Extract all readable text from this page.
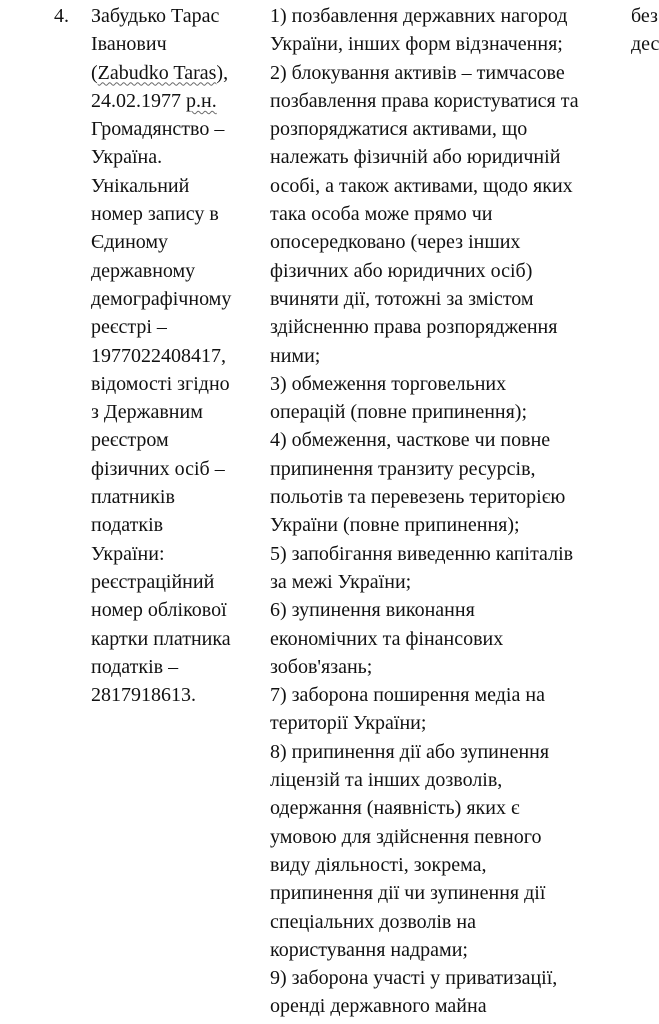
4.	Забудько Тарас
Іванович
(Zabudko Taras),
24.02.1977 р.н.
Громадянство –
Україна.
Унікальний
номер запису в
Єдиному
державному
демографічному
реєстрі –
1977022408417,
відомості згідно
з Державним
реєстром
фізичних осіб –
платників
податків
України:
реєстраційний
номер облікової
картки платника
податків –
2817918613.
1) позбавлення державних нагород
України, інших форм відзначення;
2) блокування активів – тимчасове
позбавлення права користуватися та
розпоряджатися активами, що
належать фізичній або юридичній
особі, а також активами, щодо яких
така особа може прямо чи
опосередковано (через інших
фізичних або юридичних осіб)
вчиняти дії, тотожні за змістом
здійсненню права розпорядження
ними;
3) обмеження торговельних
операцій (повне припинення);
4) обмеження, часткове чи повне
припинення транзиту ресурсів,
польотів та перевезень територією
України (повне припинення);
5) запобігання виведенню капіталів
за межі України;
6) зупинення виконання
економічних та фінансових
зобов'язань;
7) заборона поширення медіа на
території України;
8) припинення дії або зупинення
ліцензій та інших дозволів,
одержання (наявність) яких є
умовою для здійснення певного
виду діяльності, зокрема,
припинення дії чи зупинення дії
спеціальних дозволів на
користування надрами;
9) заборона участі у приватизації,
оренді державного майна
без
дес
